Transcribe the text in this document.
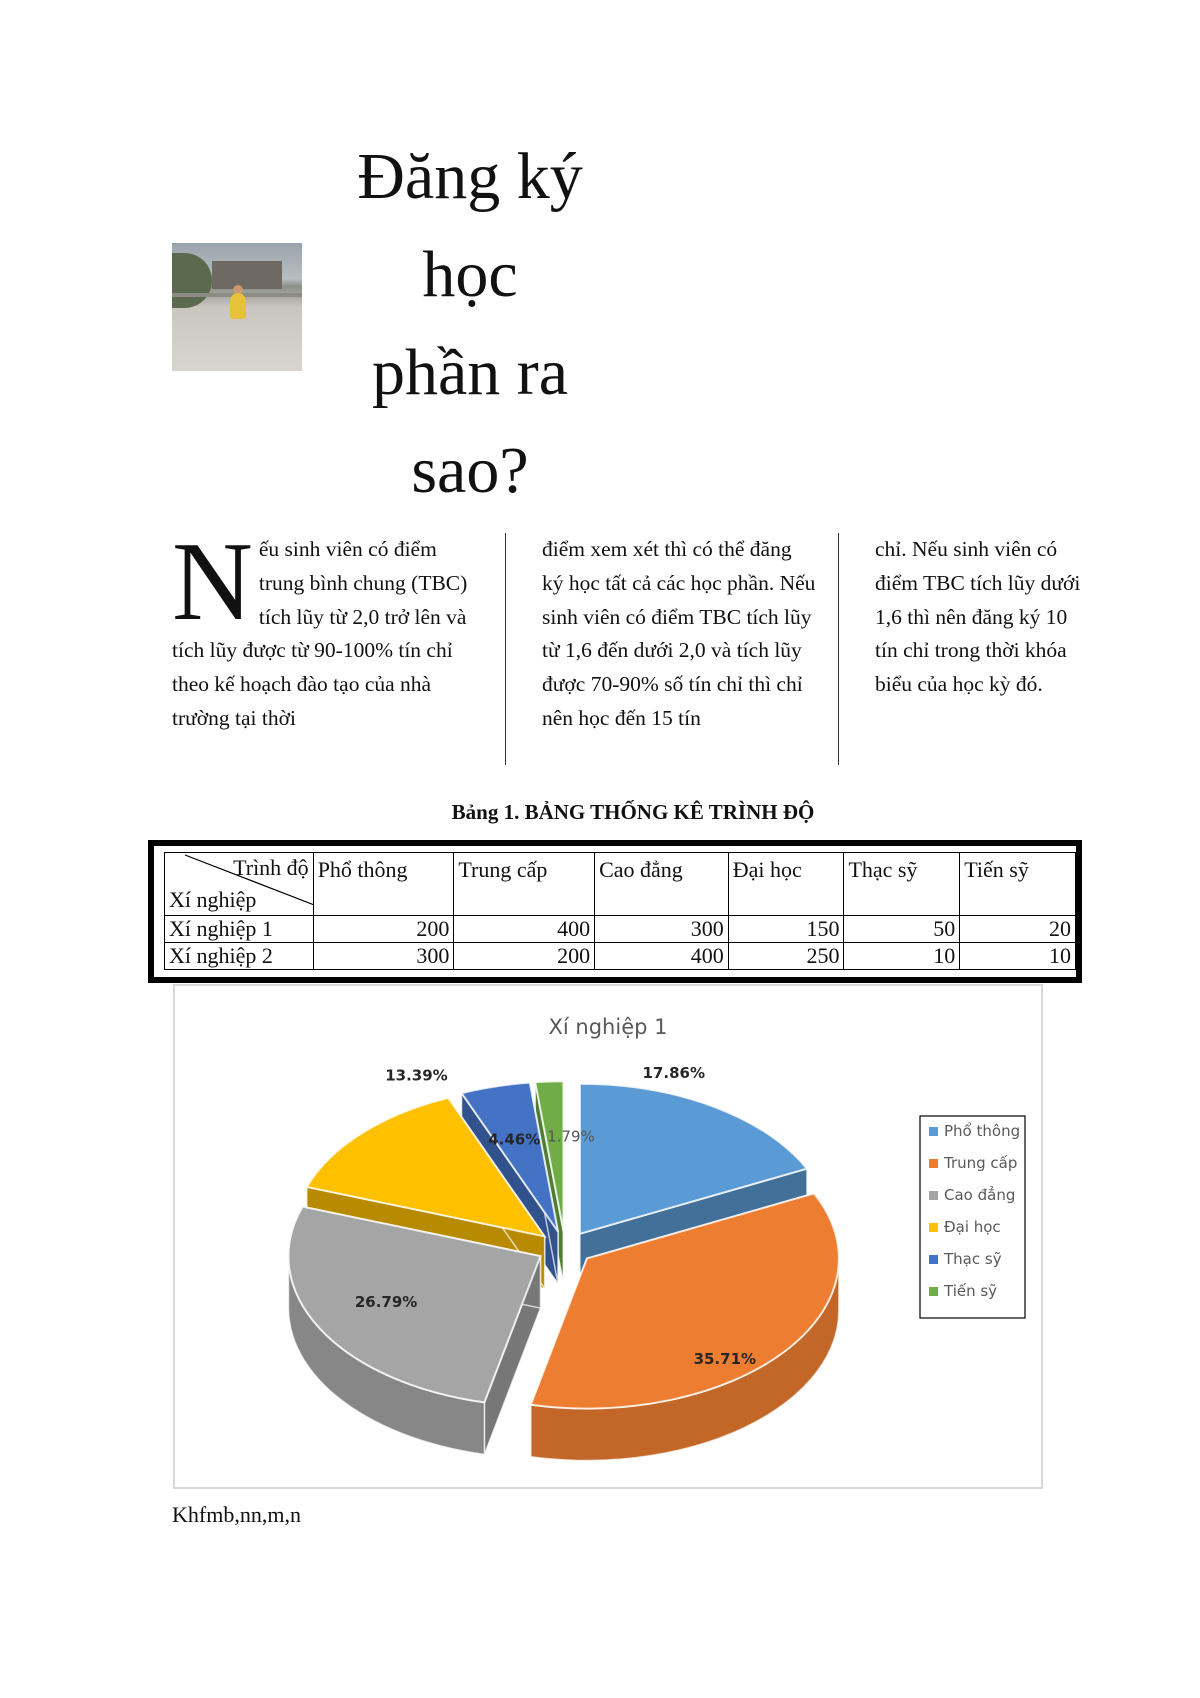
Đăng ký
học
phần ra
sao?
Nếu sinh viên có điểm trung bình chung (TBC) tích lũy từ 2,0 trở lên và tích lũy được từ 90-100% tín chỉ theo kế hoạch đào tạo của nhà trường tại thời
điểm xem xét thì có thể đăng ký học tất cả các học phần. Nếu sinh viên có điểm TBC tích lũy từ 1,6 đến dưới 2,0 và tích lũy được 70-90% số tín chỉ thì chỉ nên học đến 15 tín
chỉ. Nếu sinh viên có điểm TBC tích lũy dưới 1,6 thì nên đăng ký 10 tín chỉ trong thời khóa biểu của học kỳ đó.

Bảng 1. BẢNG THỐNG KÊ TRÌNH ĐỘ

Trình độ
Xí nghiệp	Phổ thông	Trung cấp	Cao đẳng	Đại học	Thạc sỹ	Tiến sỹ
Xí nghiệp 1	200	400	300	150	50	20
Xí nghiệp 2	300	200	400	250	10	10
Xí nghiệp 1
17.86%
35.71%
26.79%
13.39%
4.46% 1.79%	Phổ thông
Trung cấp
Cao đẳng
Đại học
Thạc sỹ
Tiến sỹ

Khfmb,nn,m,n
